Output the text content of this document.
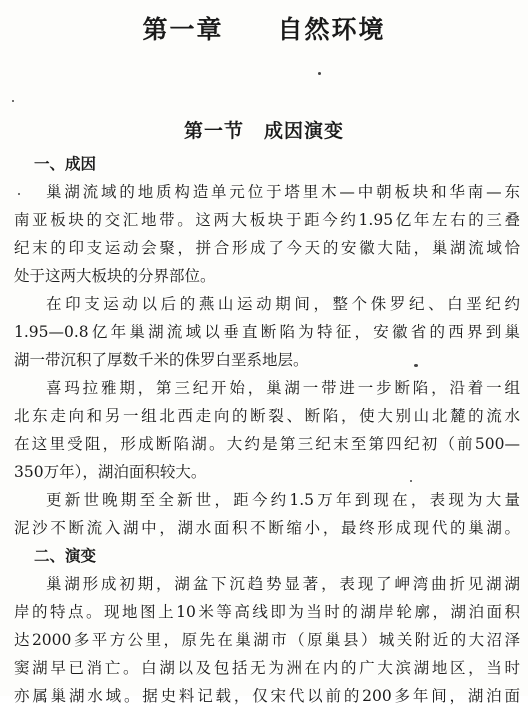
第一章　　自然环境
第一节　成因演变
一、成因
巢湖流域的地质构造单元位于塔里木—中朝板块和华南—东
南亚板块的交汇地带。这两大板块于距今约1.95亿年左右的三叠
纪末的印支运动会聚，拼合形成了今天的安徽大陆，巢湖流域恰
处于这两大板块的分界部位。
在印支运动以后的燕山运动期间，整个侏罗纪、白垩纪约
1.95—0.8亿年巢湖流域以垂直断陷为特征，安徽省的西界到巢
湖一带沉积了厚数千米的侏罗白垩系地层。
喜玛拉雅期，第三纪开始，巢湖一带进一步断陷，沿着一组
北东走向和另一组北西走向的断裂、断陷，使大别山北麓的流水
在这里受阻，形成断陷湖。大约是第三纪末至第四纪初（前500—
350万年），湖泊面积较大。
更新世晚期至全新世，距今约1.5万年到现在，表现为大量
泥沙不断流入湖中，湖水面积不断缩小，最终形成现代的巢湖。
二、演变
巢湖形成初期，湖盆下沉趋势显著，表现了岬湾曲折见湖湖
岸的特点。现地图上10米等高线即为当时的湖岸轮廓，湖泊面积
达2000多平方公里，原先在巢湖市（原巢县）城关附近的大沼泽
窦湖早已消亡。白湖以及包括无为洲在内的广大滨湖地区，当时
亦属巢湖水域。据史料记载，仅宋代以前的200多年间，湖泊面
